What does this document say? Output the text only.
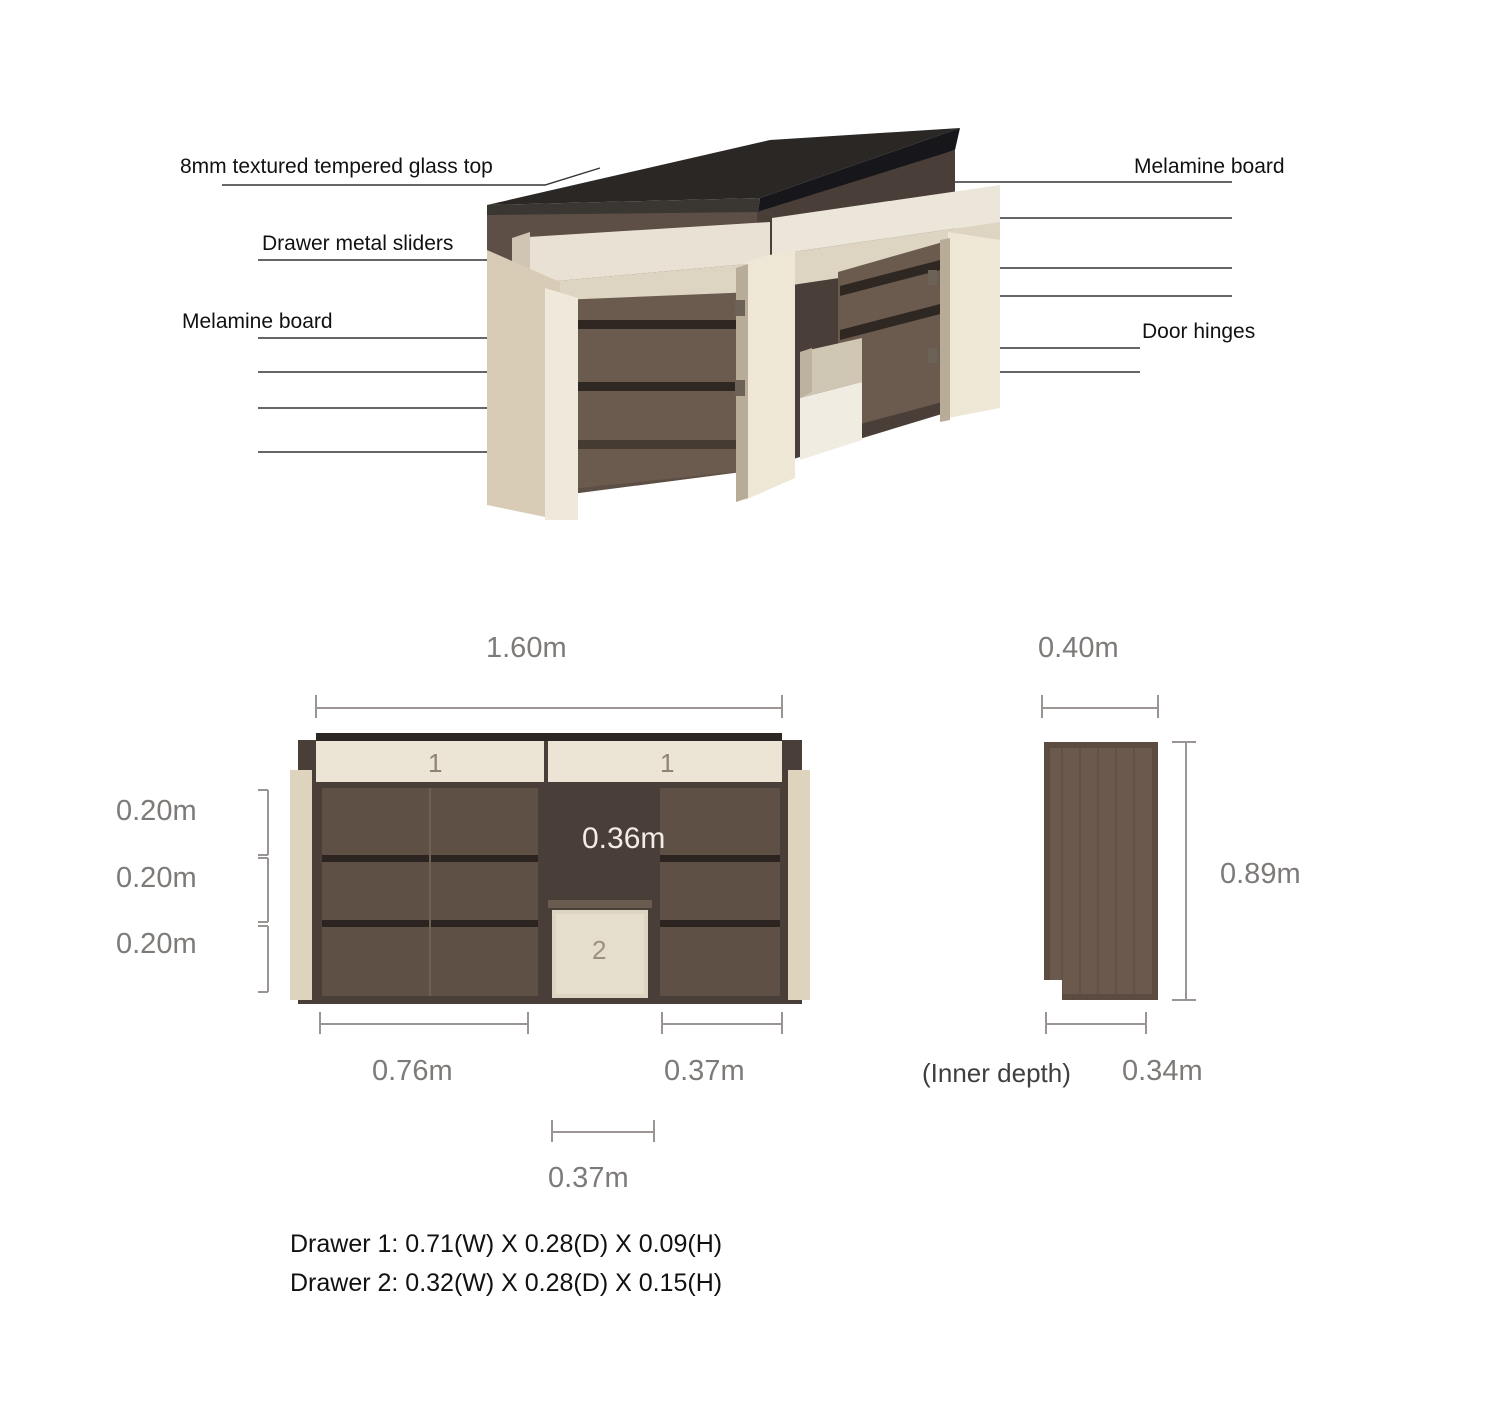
8mm textured tempered glass top
Drawer metal sliders
Melamine board
Melamine board
Door hinges
1.60m	0.40m
0.20m
0.20m
0.20m
0.36m
0.76m	0.37m
0.37m
0.89m
(Inner depth) 0.34m
1	1
2

Drawer 1: 0.71(W) X 0.28(D) X 0.09(H)

Drawer 2: 0.32(W) X 0.28(D) X 0.15(H)
